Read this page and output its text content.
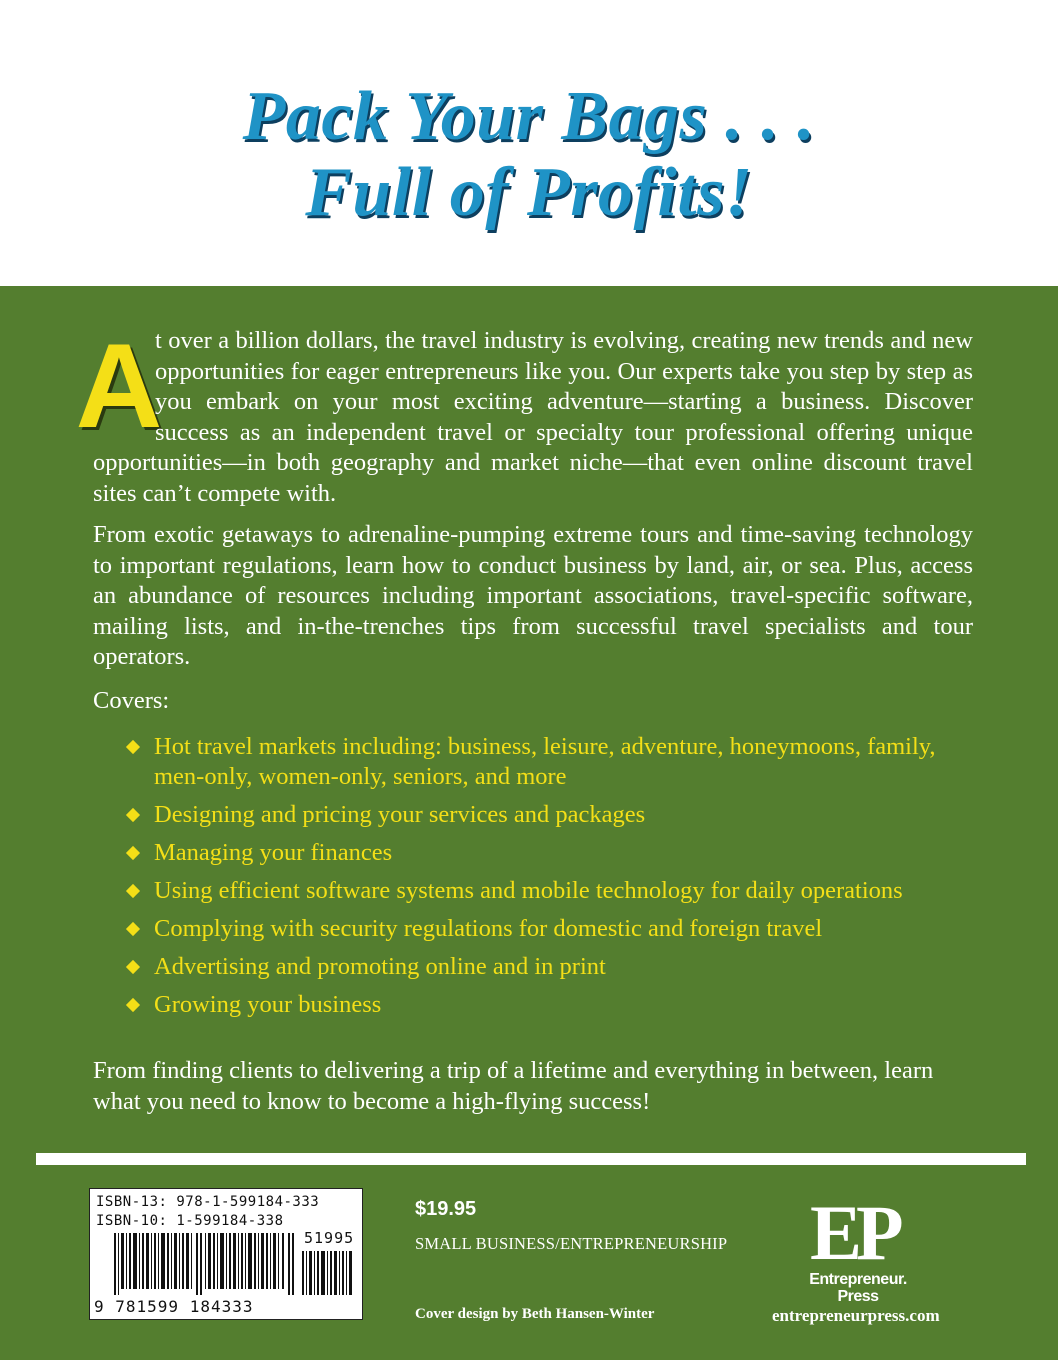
Pack Your Bags . . .
Full of Profits!
A
t over a billion dollars, the travel industry is evolving, creating new trends and new opportunities for eager entrepreneurs like you. Our experts take you step by step as you embark on your most exciting adventure—starting a business. Discover success as an independent travel or specialty tour professional offering unique opportunities—in both geography and market niche—that even online discount travel sites can’t compete with.
From exotic getaways to adrenaline-pumping extreme tours and time-saving technology to important regulations, learn how to conduct business by land, air, or sea. Plus, access an abundance of resources including important associations, travel-specific software, mailing lists, and in-the-trenches tips from successful travel specialists and tour operators.
Covers:
Hot travel markets including: business, leisure, adventure, honeymoons, family, men-only, women-only, seniors, and more
Designing and pricing your services and packages
Managing your finances
Using efficient software systems and mobile technology for daily operations
Complying with security regulations for domestic and foreign travel
Advertising and promoting online and in print
Growing your business
From finding clients to delivering a trip of a lifetime and everything in between, learn what you need to know to become a high-flying success!
ISBN-13: 978-1-599184-333
ISBN-10: 1-599184-338
51995
9 781599 184333
$19.95
SMALL BUSINESS/ENTREPRENEURSHIP
Cover design by Beth Hansen-Winter
EP
Entrepreneur.
Press
entrepreneurpress.com
